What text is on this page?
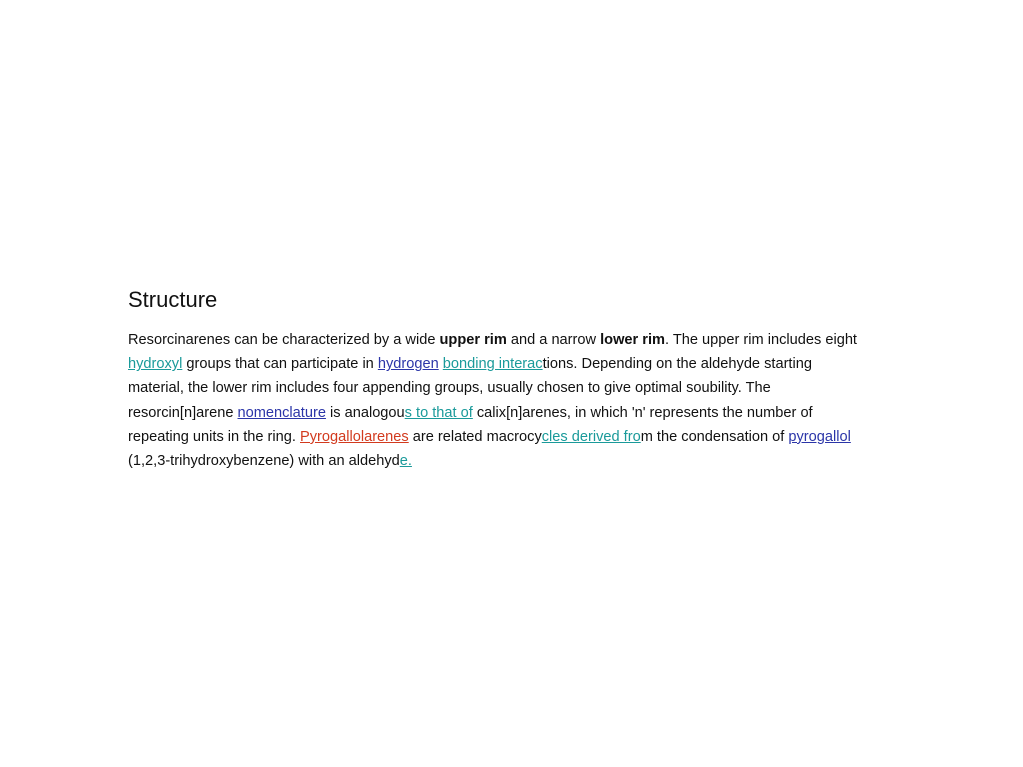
Structure

Resorcinarenes can be characterized by a wide upper rim and a narrow lower rim. The upper rim includes eight
hydroxyl groups that can participate in hydrogen bonding interactions. Depending on the aldehyde starting
material, the lower rim includes four appending groups, usually chosen to give optimal soubility. The
resorcin[n]arene nomenclature is analogous to that of calix[n]arenes, in which 'n' represents the number of
repeating units in the ring. Pyrogallolarenes are related macrocycles derived from the condensation of pyrogallol
(1,2,3-trihydroxybenzene) with an aldehyde.
